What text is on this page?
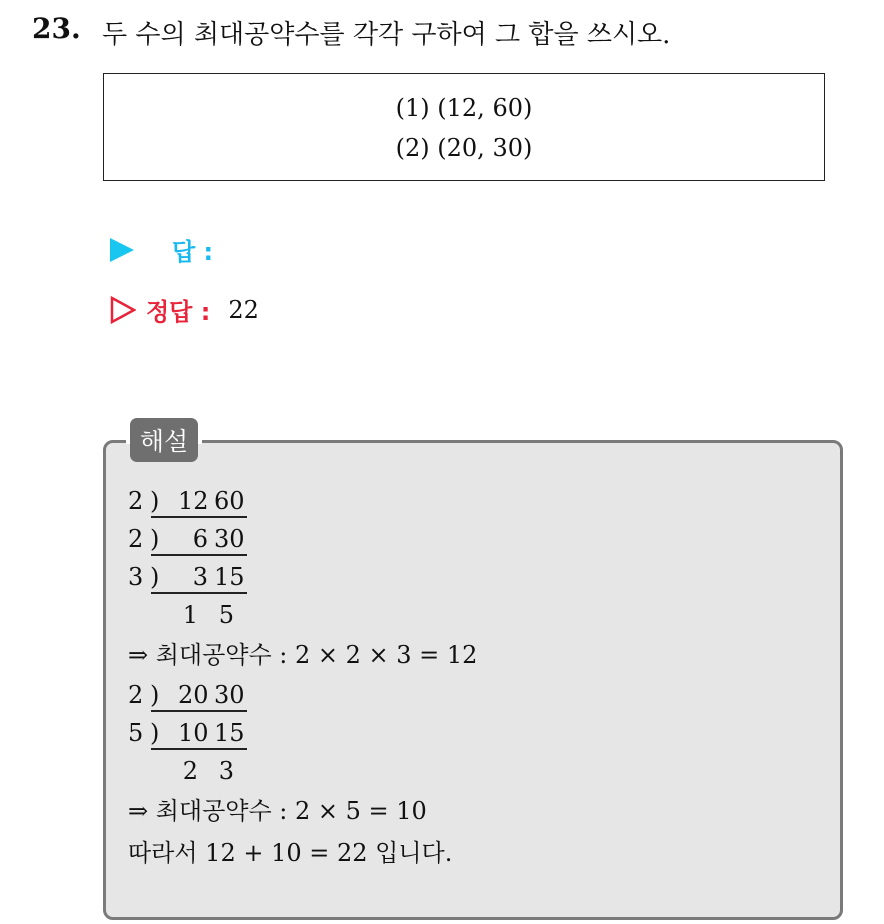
23. 두 수의 최대공약수를 각각 구하여 그 합을 쓰시오.
(1) (12, 60)
(2) (20, 30)
답 :
정답 : 22
해설
2 ) 12 60
2 )	6 30
3 )	3 15
1 5
⇒ 최대공약수 : 2 × 2 × 3 = 12
2 ) 20 30
5 ) 10 15
2 3
⇒ 최대공약수 : 2 × 5 = 10
따라서 12 + 10 = 22 입니다.
